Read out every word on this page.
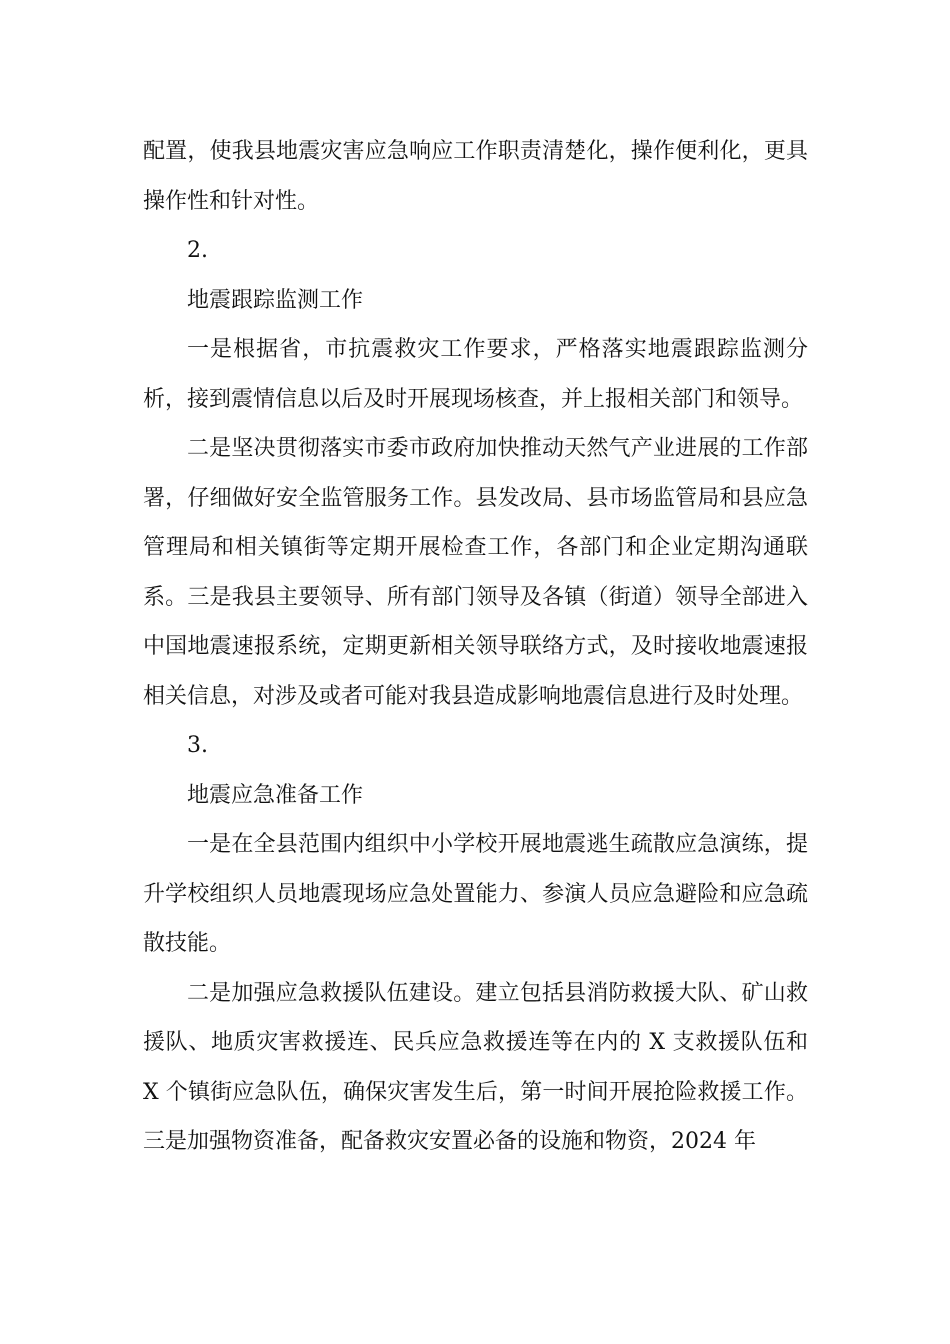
配置，使我县地震灾害应急响应工作职责清楚化，操作便利化，更具操作性和针对性。

2.

地震跟踪监测工作

一是根据省，市抗震救灾工作要求，严格落实地震跟踪监测分析，接到震情信息以后及时开展现场核查，并上报相关部门和领导。

二是坚决贯彻落实市委市政府加快推动天然气产业进展的工作部署，仔细做好安全监管服务工作。县发改局、县市场监管局和县应急管理局和相关镇街等定期开展检查工作，各部门和企业定期沟通联系。三是我县主要领导、所有部门领导及各镇（街道）领导全部进入中国地震速报系统，定期更新相关领导联络方式，及时接收地震速报相关信息，对涉及或者可能对我县造成影响地震信息进行及时处理。

3.

地震应急准备工作

一是在全县范围内组织中小学校开展地震逃生疏散应急演练，提升学校组织人员地震现场应急处置能力、参演人员应急避险和应急疏散技能。

二是加强应急救援队伍建设。建立包括县消防救援大队、矿山救援队、地质灾害救援连、民兵应急救援连等在内的 X 支救援队伍和 X 个镇街应急队伍，确保灾害发生后，第一时间开展抢险救援工作。三是加强物资准备，配备救灾安置必备的设施和物资，2024 年
